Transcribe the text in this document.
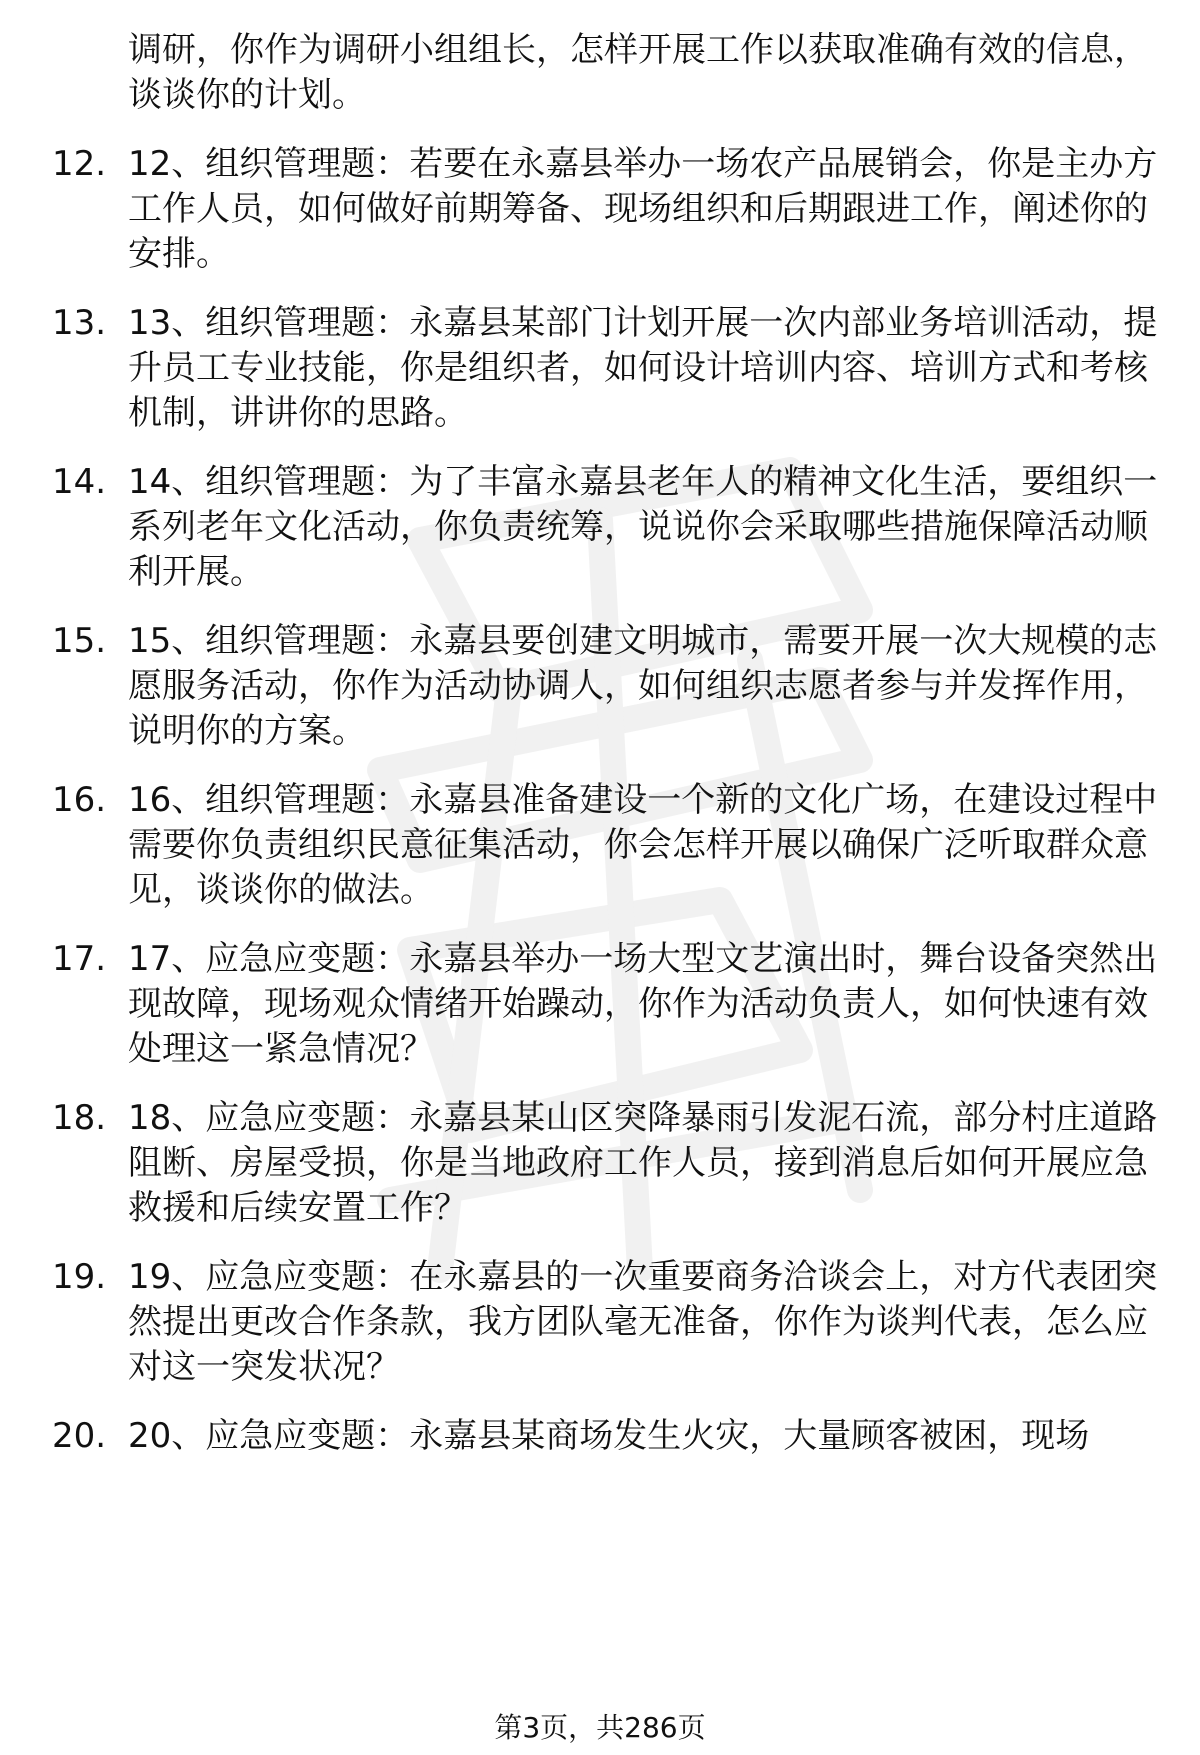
调研，你作为调研小组组长，怎样开展工作以获取准确有效的信息，谈谈你的计划。
12. 12、组织管理题：若要在永嘉县举办一场农产品展销会，你是主办方工作人员，如何做好前期筹备、现场组织和后期跟进工作，阐述你的安排。
13. 13、组织管理题：永嘉县某部门计划开展一次内部业务培训活动，提升员工专业技能，你是组织者，如何设计培训内容、培训方式和考核机制，讲讲你的思路。
14. 14、组织管理题：为了丰富永嘉县老年人的精神文化生活，要组织一系列老年文化活动，你负责统筹，说说你会采取哪些措施保障活动顺利开展。
15. 15、组织管理题：永嘉县要创建文明城市，需要开展一次大规模的志愿服务活动，你作为活动协调人，如何组织志愿者参与并发挥作用，说明你的方案。
16. 16、组织管理题：永嘉县准备建设一个新的文化广场，在建设过程中需要你负责组织民意征集活动，你会怎样开展以确保广泛听取群众意见，谈谈你的做法。
17. 17、应急应变题：永嘉县举办一场大型文艺演出时，舞台设备突然出现故障，现场观众情绪开始躁动，你作为活动负责人，如何快速有效处理这一紧急情况？
18. 18、应急应变题：永嘉县某山区突降暴雨引发泥石流，部分村庄道路阻断、房屋受损，你是当地政府工作人员，接到消息后如何开展应急救援和后续安置工作？
19. 19、应急应变题：在永嘉县的一次重要商务洽谈会上，对方代表团突然提出更改合作条款，我方团队毫无准备，你作为谈判代表，怎么应对这一突发状况？
20. 20、应急应变题：永嘉县某商场发生火灾，大量顾客被困，现场
第3页，共286页
